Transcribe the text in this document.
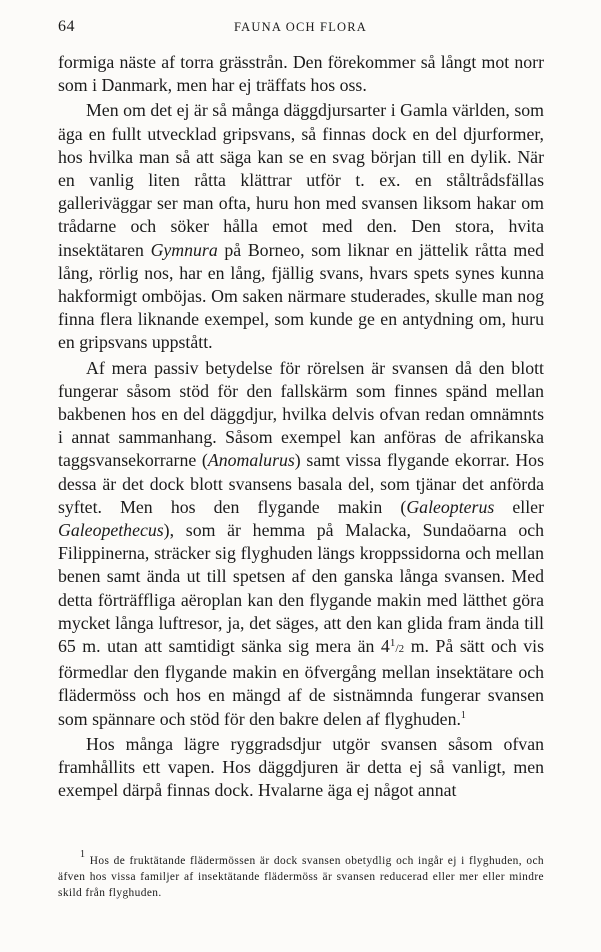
64	FAUNA OCH FLORA

formiga näste af torra grässtrån. Den förekommer så långt mot norr som i Danmark, men har ej träffats hos oss.

Men om det ej är så många däggdjursarter i Gamla världen, som äga en fullt utvecklad gripsvans, så finnas dock en del djurformer, hos hvilka man så att säga kan se en svag början till en dylik. När en vanlig liten råtta klättrar utför t. ex. en ståltrådsfällas galleriväggar ser man ofta, huru hon med svansen liksom hakar om trådarne och söker hålla emot med den. Den stora, hvita insektätaren Gymnura på Borneo, som liknar en jättelik råtta med lång, rörlig nos, har en lång, fjällig svans, hvars spets synes kunna hakformigt omböjas. Om saken närmare studerades, skulle man nog finna flera liknande exempel, som kunde ge en antydning om, huru en gripsvans uppstått.

Af mera passiv betydelse för rörelsen är svansen då den blott fungerar såsom stöd för den fallskärm som finnes spänd mellan bakbenen hos en del däggdjur, hvilka delvis ofvan redan omnämnts i annat sammanhang. Såsom exempel kan anföras de afrikanska taggsvansekorrarne (Anomalurus) samt vissa flygande ekorrar. Hos dessa är det dock blott svansens basala del, som tjänar det anförda syftet. Men hos den flygande makin (Galeopterus eller Galeopethecus), som är hemma på Malacka, Sundaöarna och Filippinerna, sträcker sig flyghuden längs kroppssidorna och mellan benen samt ända ut till spetsen af den ganska långa svansen. Med detta förträffliga aëroplan kan den flygande makin med lätthet göra mycket långa luftresor, ja, det säges, att den kan glida fram ända till 65 m. utan att samtidigt sänka sig mera än 41/2 m. På sätt och vis förmedlar den flygande makin en öfvergång mellan insektätare och flädermöss och hos en mängd af de sistnämnda fungerar svansen som spännare och stöd för den bakre delen af flyghuden.$^1$

Hos många lägre ryggradsdjur utgör svansen såsom ofvan framhållits ett vapen. Hos däggdjuren är detta ej så vanligt, men exempel därpå finnas dock. Hvalarne äga ej något annat

1 Hos de fruktätande flädermössen är dock svansen obetydlig och ingår ej i flyghuden, och äfven hos vissa familjer af insektätande flädermöss är svansen reducerad eller mer eller mindre skild från flyghuden.
